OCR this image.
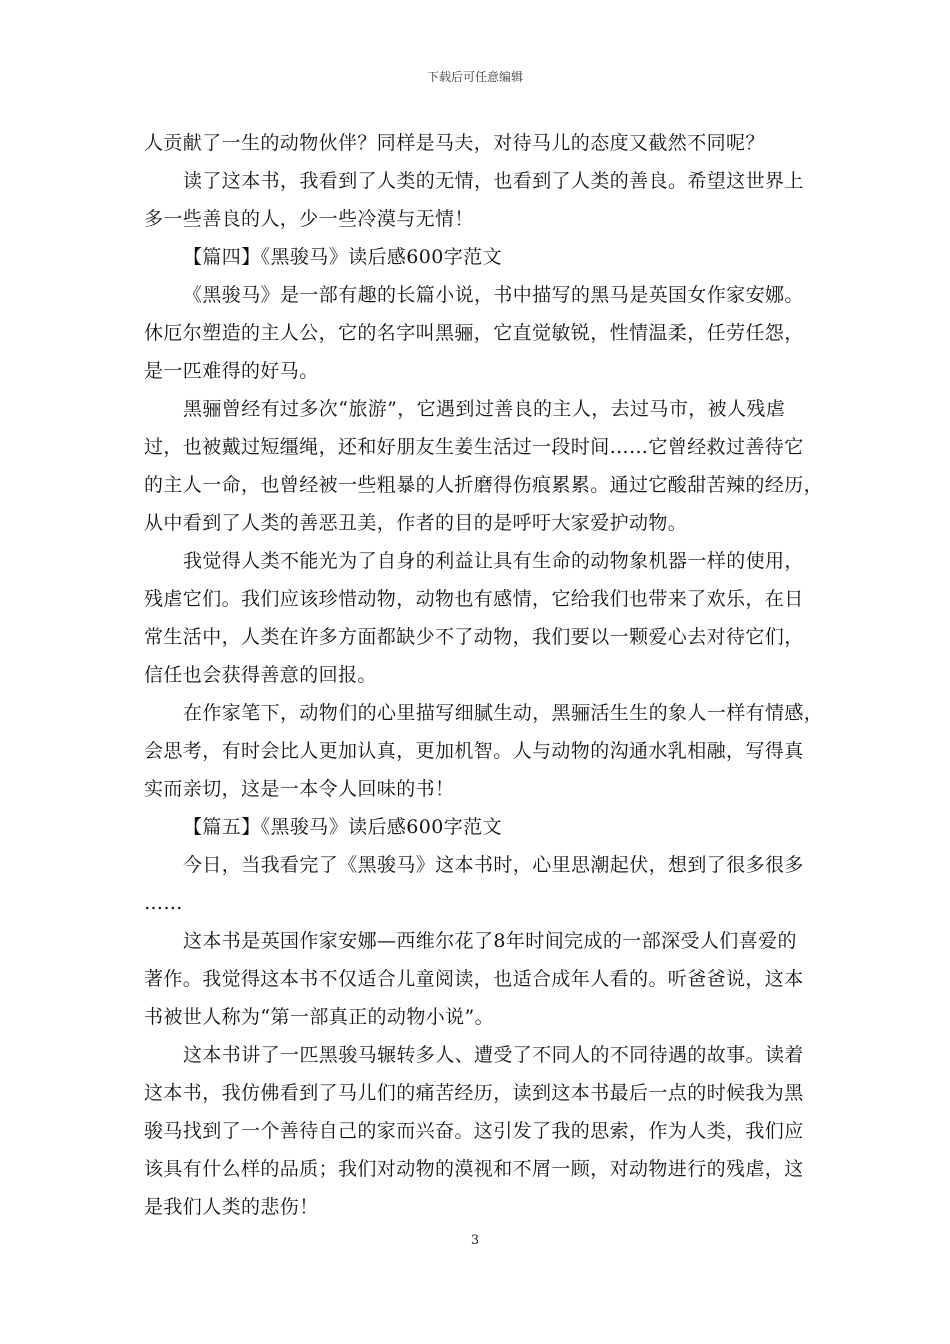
下载后可任意编辑
人贡献了一生的动物伙伴？同样是马夫，对待马儿的态度又截然不同呢？
读了这本书，我看到了人类的无情，也看到了人类的善良。希望这世界上
多一些善良的人，少一些冷漠与无情！
【篇四】《黑骏马》读后感600字范文
《黑骏马》是一部有趣的长篇小说，书中描写的黑马是英国女作家安娜。
休厄尔塑造的主人公，它的名字叫黑骊，它直觉敏锐，性情温柔，任劳任怨，
是一匹难得的好马。
黑骊曾经有过多次“旅游”，它遇到过善良的主人，去过马市，被人残虐
过，也被戴过短缰绳，还和好朋友生姜生活过一段时间……它曾经救过善待它
的主人一命，也曾经被一些粗暴的人折磨得伤痕累累。通过它酸甜苦辣的经历，
从中看到了人类的善恶丑美，作者的目的是呼吁大家爱护动物。
我觉得人类不能光为了自身的利益让具有生命的动物象机器一样的使用，
残虐它们。我们应该珍惜动物，动物也有感情，它给我们也带来了欢乐，在日
常生活中，人类在许多方面都缺少不了动物，我们要以一颗爱心去对待它们，
信任也会获得善意的回报。
在作家笔下，动物们的心里描写细腻生动，黑骊活生生的象人一样有情感，
会思考，有时会比人更加认真，更加机智。人与动物的沟通水乳相融，写得真
实而亲切，这是一本令人回味的书！
【篇五】《黑骏马》读后感600字范文
今日，当我看完了《黑骏马》这本书时，心里思潮起伏，想到了很多很多
……
这本书是英国作家安娜—西维尔花了8年时间完成的一部深受人们喜爱的
著作。我觉得这本书不仅适合儿童阅读，也适合成年人看的。听爸爸说，这本
书被世人称为“第一部真正的动物小说”。
这本书讲了一匹黑骏马辗转多人、遭受了不同人的不同待遇的故事。读着
这本书，我仿佛看到了马儿们的痛苦经历，读到这本书最后一点的时候我为黑
骏马找到了一个善待自己的家而兴奋。这引发了我的思索，作为人类，我们应
该具有什么样的品质；我们对动物的漠视和不屑一顾，对动物进行的残虐，这
是我们人类的悲伤！
3
